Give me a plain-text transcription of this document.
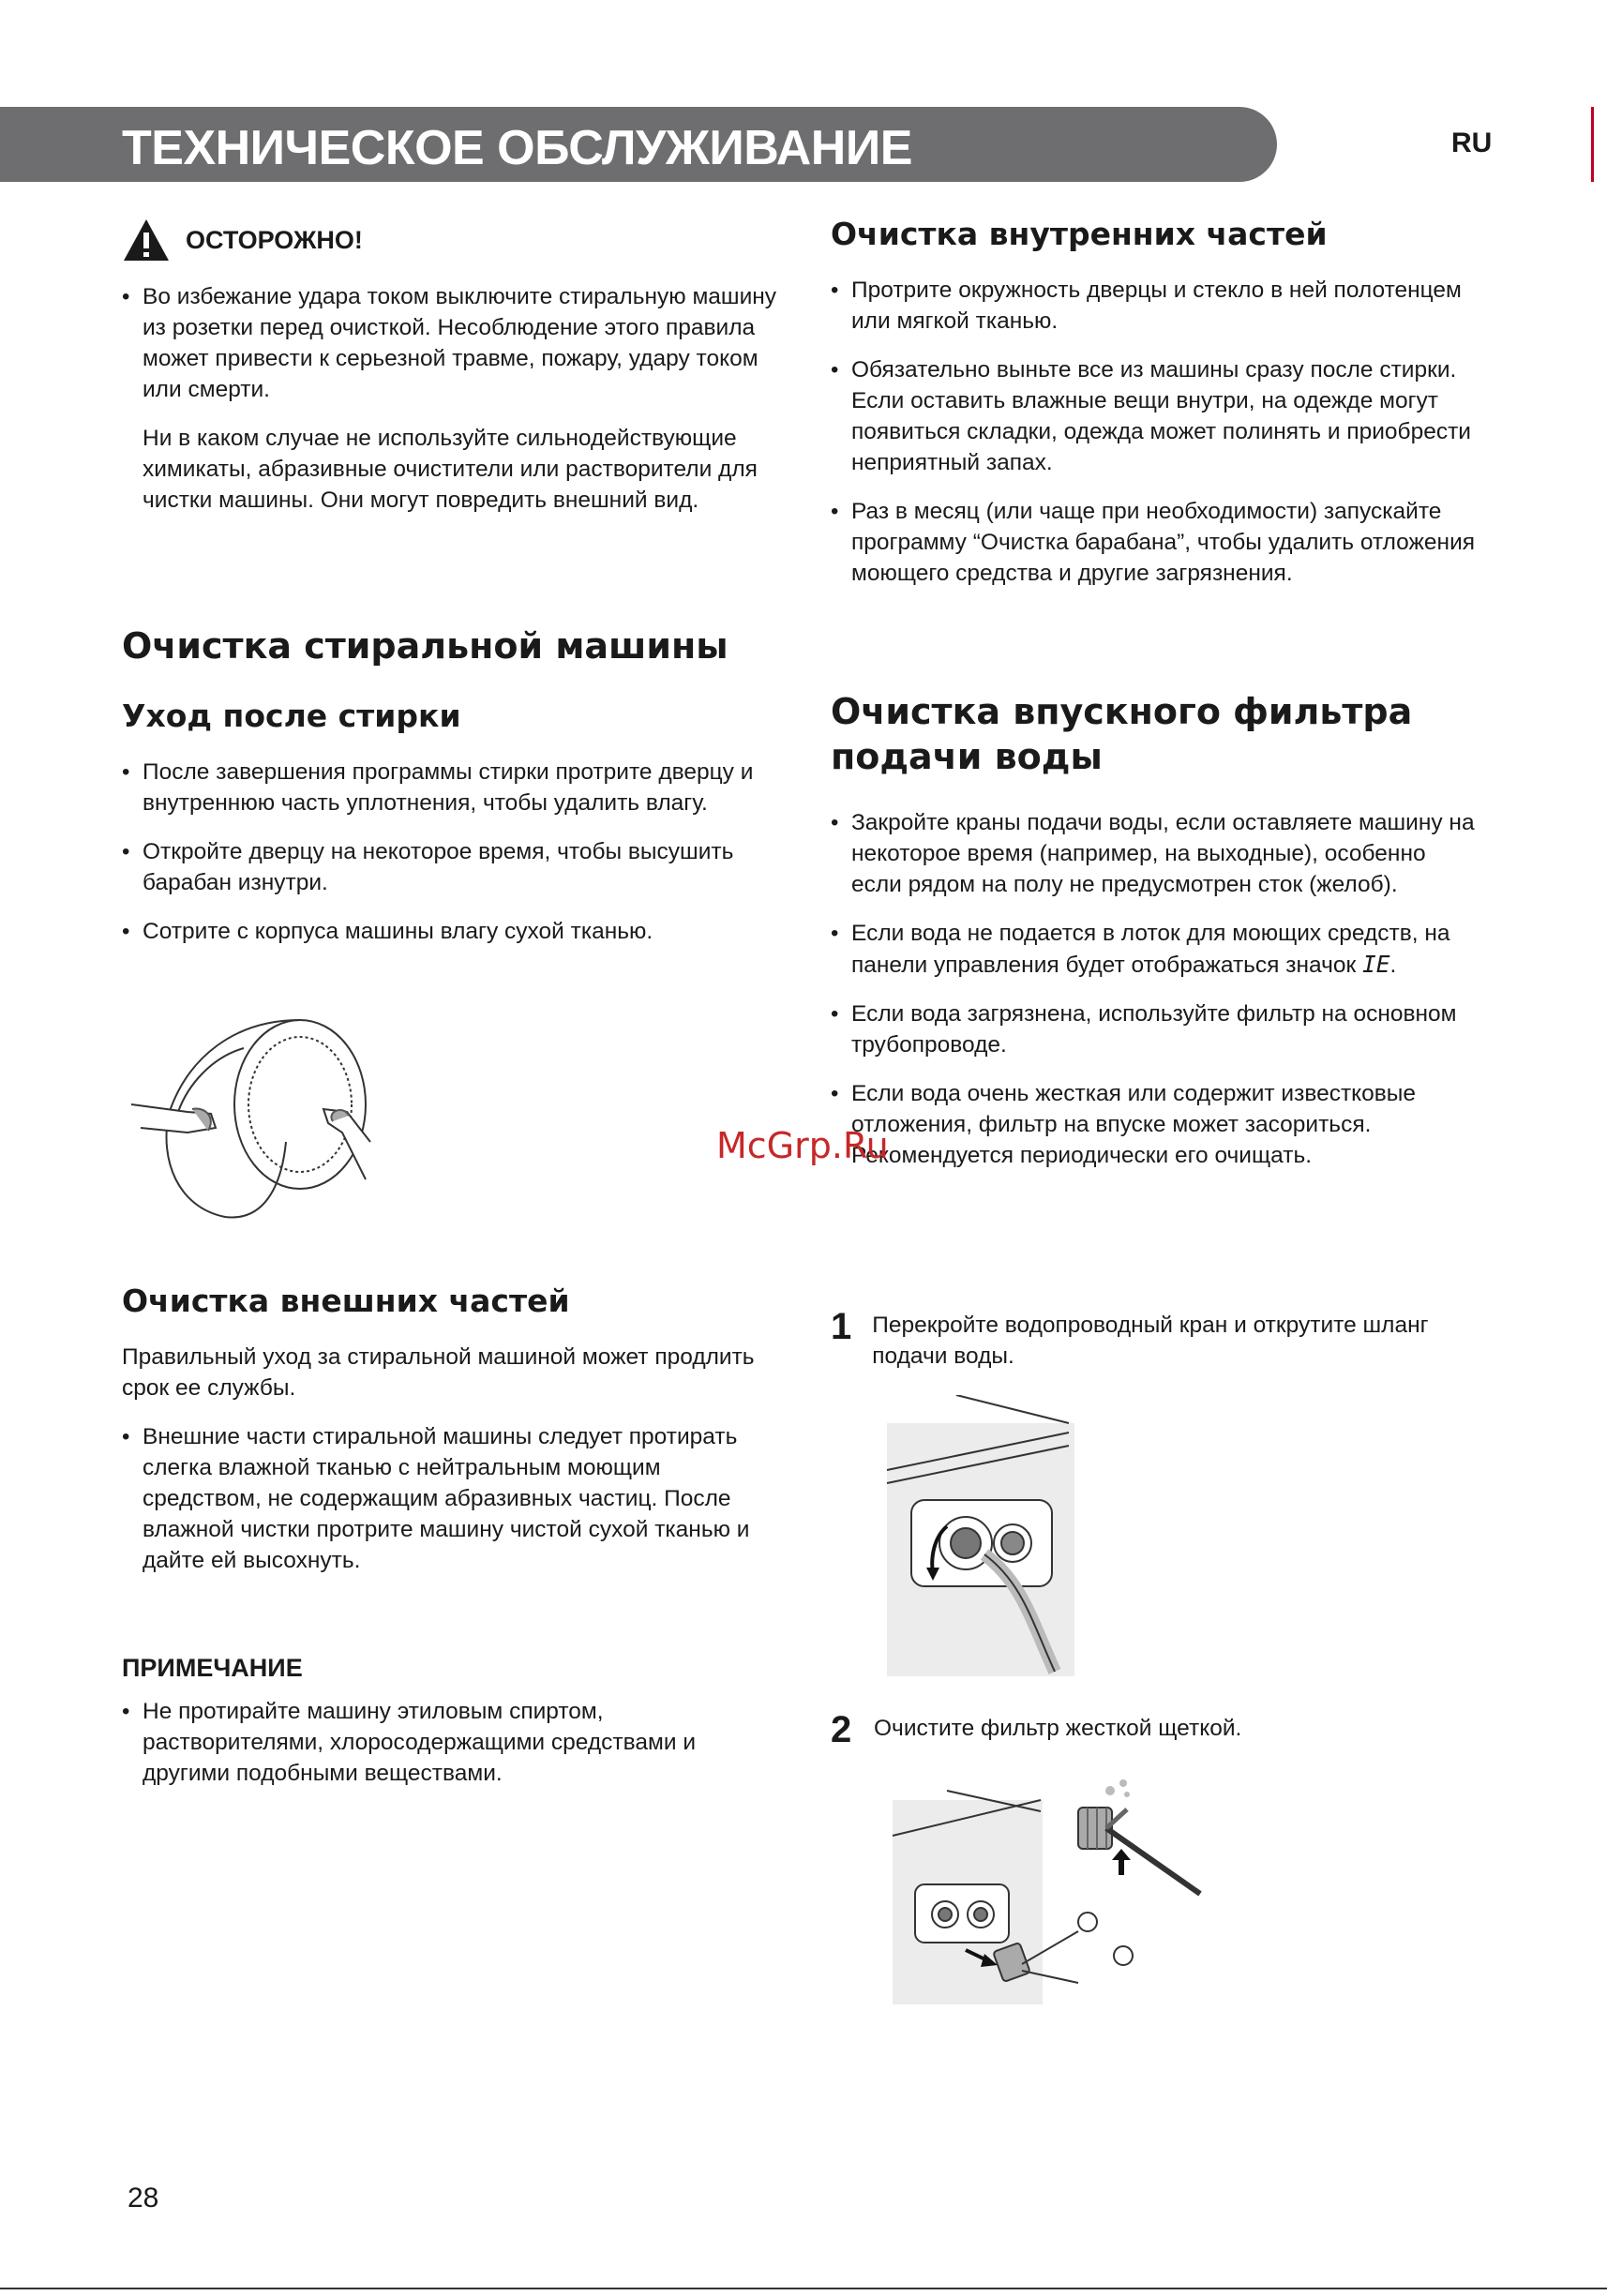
ТЕХНИЧЕСКОЕ ОБСЛУЖИВАНИЕ	RU
ОСТОРОЖНО!
• Во избежание удара током выключите стиральную машину из розетки перед очисткой. Несоблюдение этого правила может привести к серьезной травме, пожару, удару током или смерти.

Ни в каком случае не используйте сильнодействующие химикаты, абразивные очистители или растворители для чистки машины. Они могут повредить внешний вид.

Очистка стиральной машины
Уход после стирки
• После завершения программы стирки протрите дверцу и внутреннюю часть уплотнения, чтобы удалить влагу.
• Откройте дверцу на некоторое время, чтобы высушить барабан изнутри.
• Сотрите с корпуса машины влагу сухой тканью.
Очистка внешних частей

Правильный уход за стиральной машиной может продлить срок ее службы.

• Внешние части стиральной машины следует протирать слегка влажной тканью с нейтральным моющим средством, не содержащим абразивных частиц. После влажной чистки протрите машину чистой сухой тканью и дайте ей высохнуть.
ПРИМЕЧАНИЕ
• Не протирайте машину этиловым спиртом, растворителями, хлоросодержащими средствами и другими подобными веществами.
Очистка внутренних частей
• Протрите окружность дверцы и стекло в ней полотенцем или мягкой тканью.
• Обязательно выньте все из машины сразу после стирки. Если оставить влажные вещи внутри, на одежде могут появиться складки, одежда может полинять и приобрести неприятный запах.
• Раз в месяц (или чаще при необходимости) запускайте программу “Очистка барабана”, чтобы удалить отложения моющего средства и другие загрязнения.
Очистка впускного фильтра подачи воды
• Закройте краны подачи воды, если оставляете машину на некоторое время (например, на выходные), особенно если рядом на полу не предусмотрен сток (желоб).
• Если вода не подается в лоток для моющих средств, на панели управления будет отображаться значок IE.
• Если вода загрязнена, используйте фильтр на основном трубопроводе.
• Если вода очень жесткая или содержит известковые отложения, фильтр на впуске может засориться. Рекомендуется периодически его очищать.
1 Перекройте водопроводный кран и открутите шланг подачи воды.
2 Очистите фильтр жесткой щеткой.
McGrp.Ru
28
